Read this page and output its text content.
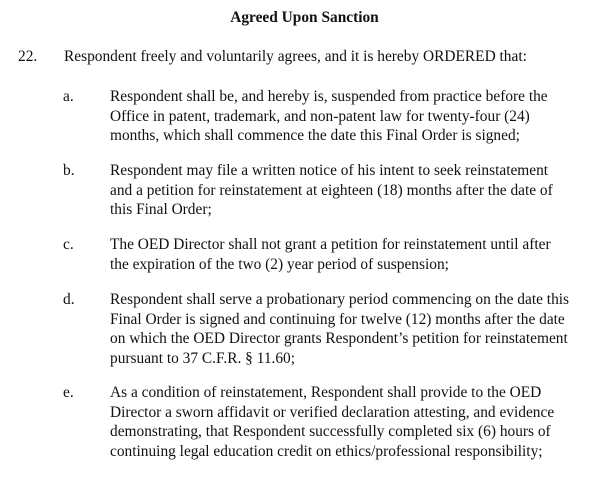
Agreed Upon Sanction
22. Respondent freely and voluntarily agrees, and it is hereby ORDERED that:
a. Respondent shall be, and hereby is, suspended from practice before the
Office in patent, trademark, and non-patent law for twenty-four (24)
months, which shall commence the date this Final Order is signed;
b. Respondent may file a written notice of his intent to seek reinstatement
and a petition for reinstatement at eighteen (18) months after the date of
this Final Order;
c. The OED Director shall not grant a petition for reinstatement until after
the expiration of the two (2) year period of suspension;
d. Respondent shall serve a probationary period commencing on the date this
Final Order is signed and continuing for twelve (12) months after the date
on which the OED Director grants Respondent’s petition for reinstatement
pursuant to 37 C.F.R. § 11.60;
e. As a condition of reinstatement, Respondent shall provide to the OED
Director a sworn affidavit or verified declaration attesting, and evidence
demonstrating, that Respondent successfully completed six (6) hours of
continuing legal education credit on ethics/professional responsibility;
